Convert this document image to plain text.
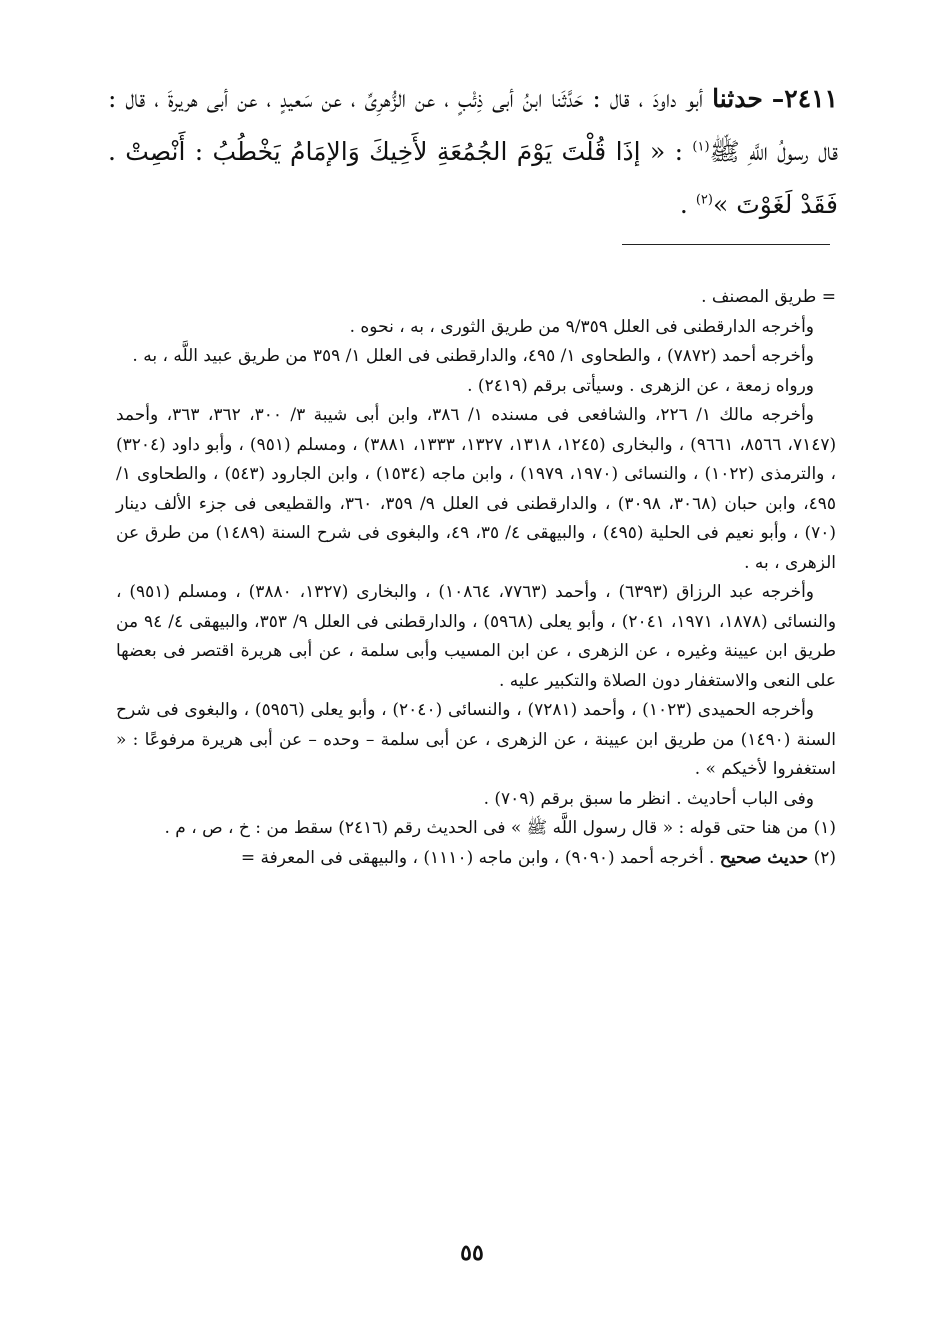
٢٤١١– حدثنا أبو داودَ ، قال : حَدَّثَنا ابنُ أبى ذِئْبٍ ، عن الزُّهرِىِّ ، عن سَعيدٍ ، عن أبى هريرةَ ، قال : قال رسولُ اللَّهِ ﷺ$^{(١)}$ : « إذَا قُلْتَ يَوْمَ الجُمُعَةِ لأَخِيكَ وَالإمَامُ يَخْطُبُ : أَنْصِتْ . فَقَدْ لَغَوْتَ »$^{(٢)}$ .

= طريق المصنف .

وأخرجه الدارقطنى فى العلل ٩/٣٥٩ من طريق الثورى ، به ، نحوه .

وأخرجه أحمد (٧٨٧٢) ، والطحاوى ١/ ٤٩٥، والدارقطنى فى العلل ١/ ٣٥٩ من طريق عبيد اللَّه ، به .

ورواه زمعة ، عن الزهرى . وسيأتى برقم (٢٤١٩) .

وأخرجه مالك ١/ ٢٢٦، والشافعى فى مسنده ١/ ٣٨٦، وابن أبى شيبة ٣/ ٣٠٠، ٣٦٢، ٣٦٣، وأحمد (٧١٤٧، ٨٥٦٦، ٩٦٦١) ، والبخارى (١٢٤٥، ١٣١٨، ١٣٢٧، ١٣٣٣، ٣٨٨١) ، ومسلم (٩٥١) ، وأبو داود (٣٢٠٤) ، والترمذى (١٠٢٢) ، والنسائى (١٩٧٠، ١٩٧٩) ، وابن ماجه (١٥٣٤) ، وابن الجارود (٥٤٣) ، والطحاوى ١/ ٤٩٥، وابن حبان (٣٠٦٨، ٣٠٩٨) ، والدارقطنى فى العلل ٩/ ٣٥٩، ٣٦٠، والقطيعى فى جزء الألف دينار (٧٠) ، وأبو نعيم فى الحلية (٤٩٥) ، والبيهقى ٤/ ٣٥، ٤٩، والبغوى فى شرح السنة (١٤٨٩) من طرق عن الزهرى ، به .

وأخرجه عبد الرزاق (٦٣٩٣) ، وأحمد (٧٧٦٣، ١٠٨٦٤) ، والبخارى (١٣٢٧، ٣٨٨٠) ، ومسلم (٩٥١) ، والنسائى (١٨٧٨، ١٩٧١، ٢٠٤١) ، وأبو يعلى (٥٩٦٨) ، والدارقطنى فى العلل ٩/ ٣٥٣، والبيهقى ٤/ ٩٤ من طريق ابن عيينة وغيره ، عن الزهرى ، عن ابن المسيب وأبى سلمة ، عن أبى هريرة اقتصر فى بعضها على النعى والاستغفار دون الصلاة والتكبير عليه .

وأخرجه الحميدى (١٠٢٣) ، وأحمد (٧٢٨١) ، والنسائى (٢٠٤٠) ، وأبو يعلى (٥٩٥٦) ، والبغوى فى شرح السنة (١٤٩٠) من طريق ابن عيينة ، عن الزهرى ، عن أبى سلمة – وحده – عن أبى هريرة مرفوعًا : « استغفروا لأخيكم » .

وفى الباب أحاديث . انظر ما سبق برقم (٧٠٩) .

(١) من هنا حتى قوله : « قال رسول اللَّه ﷺ » فى الحديث رقم (٢٤١٦) سقط من : خ ، ص ، م .

(٢) حديث صحيح . أخرجه أحمد (٩٠٩٠) ، وابن ماجه (١١١٠) ، والبيهقى فى المعرفة =

٥٥
